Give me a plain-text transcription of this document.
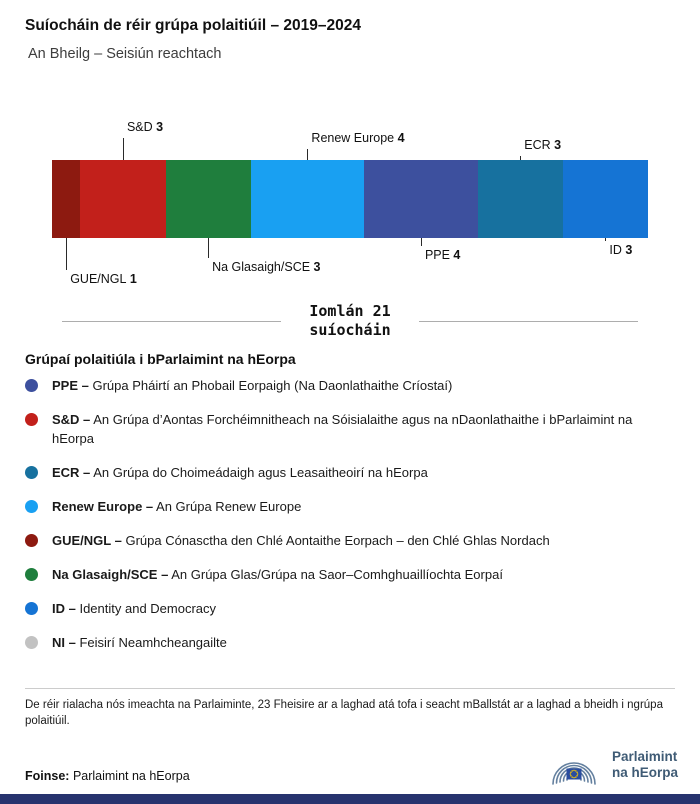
Suíocháin de réir grúpa polaitiúil – 2019–2024
An Bheilg – Seisiún reachtach
GUE/NGL 1
S&D 3
Na Glasaigh/SCE 3
Renew Europe 4
PPE 4
ECR 3
ID 3
Iomlán 21
suíocháin
Grúpaí polaitiúla i bParlaimint na hEorpa
PPE – Grúpa Pháirtí an Phobail Eorpaigh (Na Daonlathaithe Críostaí)
S&D – An Grúpa d’Aontas Forchéimnitheach na Sóisialaithe agus na nDaonlathaithe i bParlaimint na hEorpa
ECR – An Grúpa do Choimeádaigh agus Leasaitheoirí na hEorpa
Renew Europe – An Grúpa Renew Europe
GUE/NGL – Grúpa Cónasctha den Chlé Aontaithe Eorpach – den Chlé Ghlas Nordach
Na Glasaigh/SCE – An Grúpa Glas/Grúpa na Saor–Comhghuaillíochta Eorpaí
ID – Identity and Democracy
NI – Feisirí Neamhcheangailte

De réir rialacha nós imeachta na Parlaiminte, 23 Fheisire ar a laghad atá tofa i seacht mBallstát ar a laghad a bheidh i ngrúpa polaitiúil.

Foinse: Parlaimint na hEorpa

Parlaimint
na hEorpa
